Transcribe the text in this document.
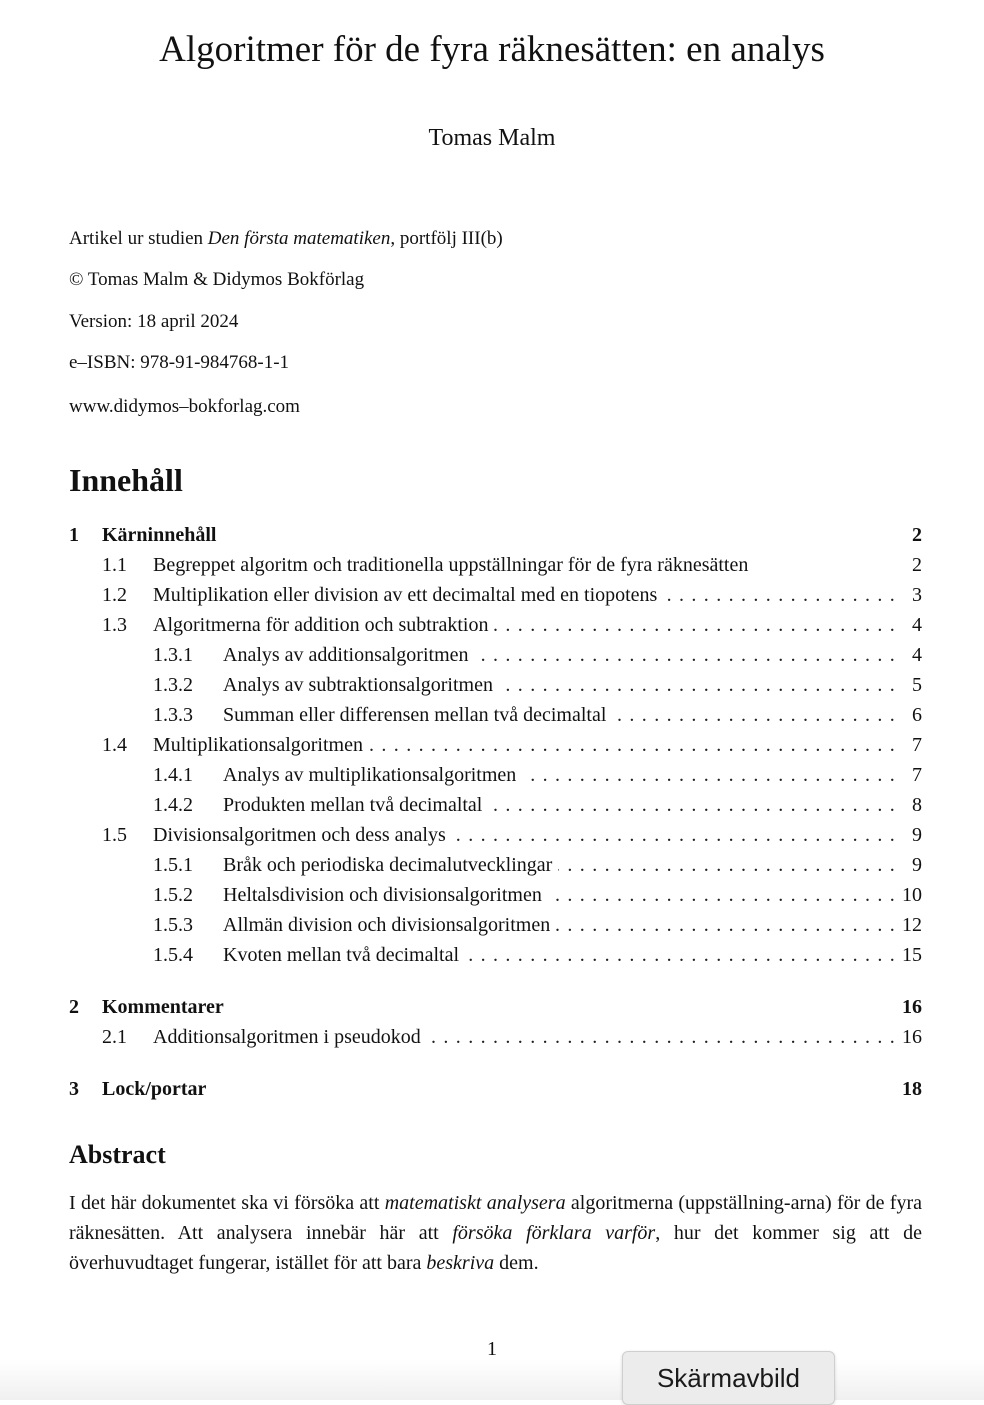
Algoritmer för de fyra räknesätten: en analys
Tomas Malm
Artikel ur studien Den första matematiken, portfölj III(b)
© Tomas Malm & Didymos Bokförlag
Version: 18 april 2024
e–ISBN: 978-91-984768-1-1
www.didymos–bokforlag.com
Innehåll
1	Kärninnehåll	2
1.1	Begreppet algoritm och traditionella uppställningar för de fyra räknesätten	2
1.2	Multiplikation eller division av ett decimaltal med en tiopotens . . .	3
1.3	Algoritmerna för addition och subtraktion . . .	4
1.3.1	Analys av additionsalgoritmen . . .	4
1.3.2	Analys av subtraktionsalgoritmen . . .	5
1.3.3	Summan eller differensen mellan två decimaltal . . .	6
1.4	Multiplikationsalgoritmen . . .	7
1.4.1	Analys av multiplikationsalgoritmen . . .	7
1.4.2	Produkten mellan två decimaltal . . .	8
1.5	Divisionsalgoritmen och dess analys . . .	9
1.5.1	Bråk och periodiska decimalutvecklingar . . .	9
1.5.2	Heltalsdivision och divisionsalgoritmen . . .	10
1.5.3	Allmän division och divisionsalgoritmen . . .	12
1.5.4	Kvoten mellan två decimaltal . . .	15
2	Kommentarer	16
2.1	Additionsalgoritmen i pseudokod . . .	16
3	Lock/portar	18
Abstract
I det här dokumentet ska vi försöka att matematiskt analysera algoritmerna (uppställning-arna) för de fyra räknesätten. Att analysera innebär här att försöka förklara varför, hur det kommer sig att de överhuvudtaget fungerar, istället för att bara beskriva dem.
1
Skärmavbild
